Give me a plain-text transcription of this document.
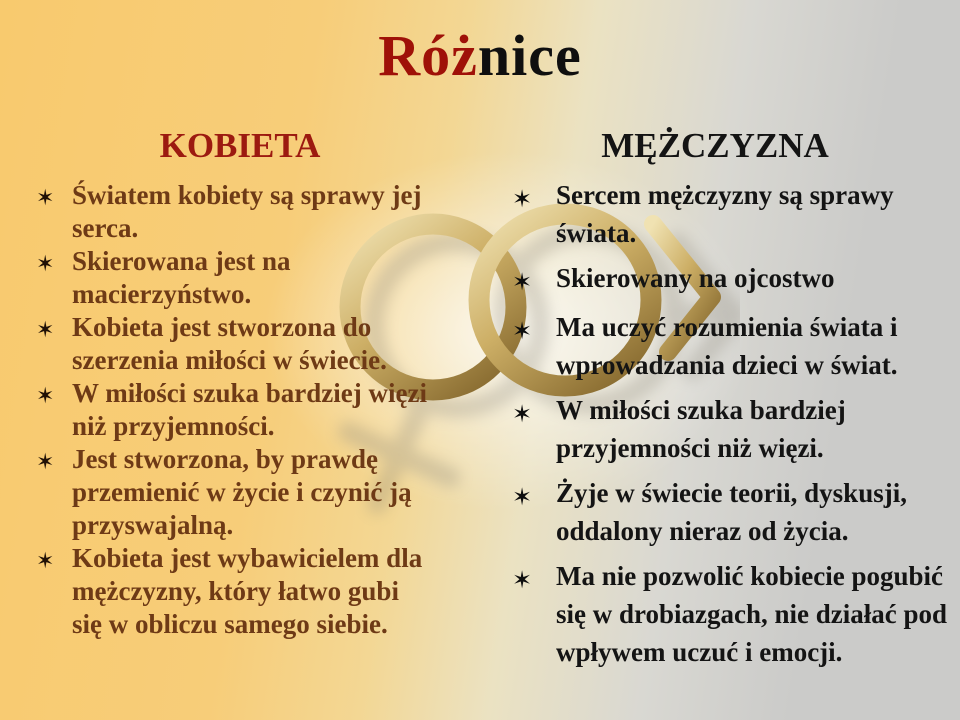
Różnice
KOBIETA	MĘŻCZYZNA
✶ Światem kobiety są sprawy jej serca.
✶ Skierowana jest na macierzyństwo.
✶ Kobieta jest stworzona do szerzenia miłości w świecie.
✶ W miłości szuka bardziej więzi niż przyjemności.
✶ Jest stworzona, by prawdę przemienić w życie i czynić ją przyswajalną.
✶ Kobieta jest wybawicielem dla mężczyzny, który łatwo gubi się w obliczu samego siebie.
✶ Sercem mężczyzny są sprawy świata.
✶ Skierowany na ojcostwo
✶ Ma uczyć rozumienia świata i wprowadzania dzieci w świat.
✶ W miłości szuka bardziej przyjemności niż więzi.
✶ Żyje w świecie teorii, dyskusji, oddalony nieraz od życia.
✶ Ma nie pozwolić kobiecie pogubić się w drobiazgach, nie działać pod wpływem uczuć i emocji.
